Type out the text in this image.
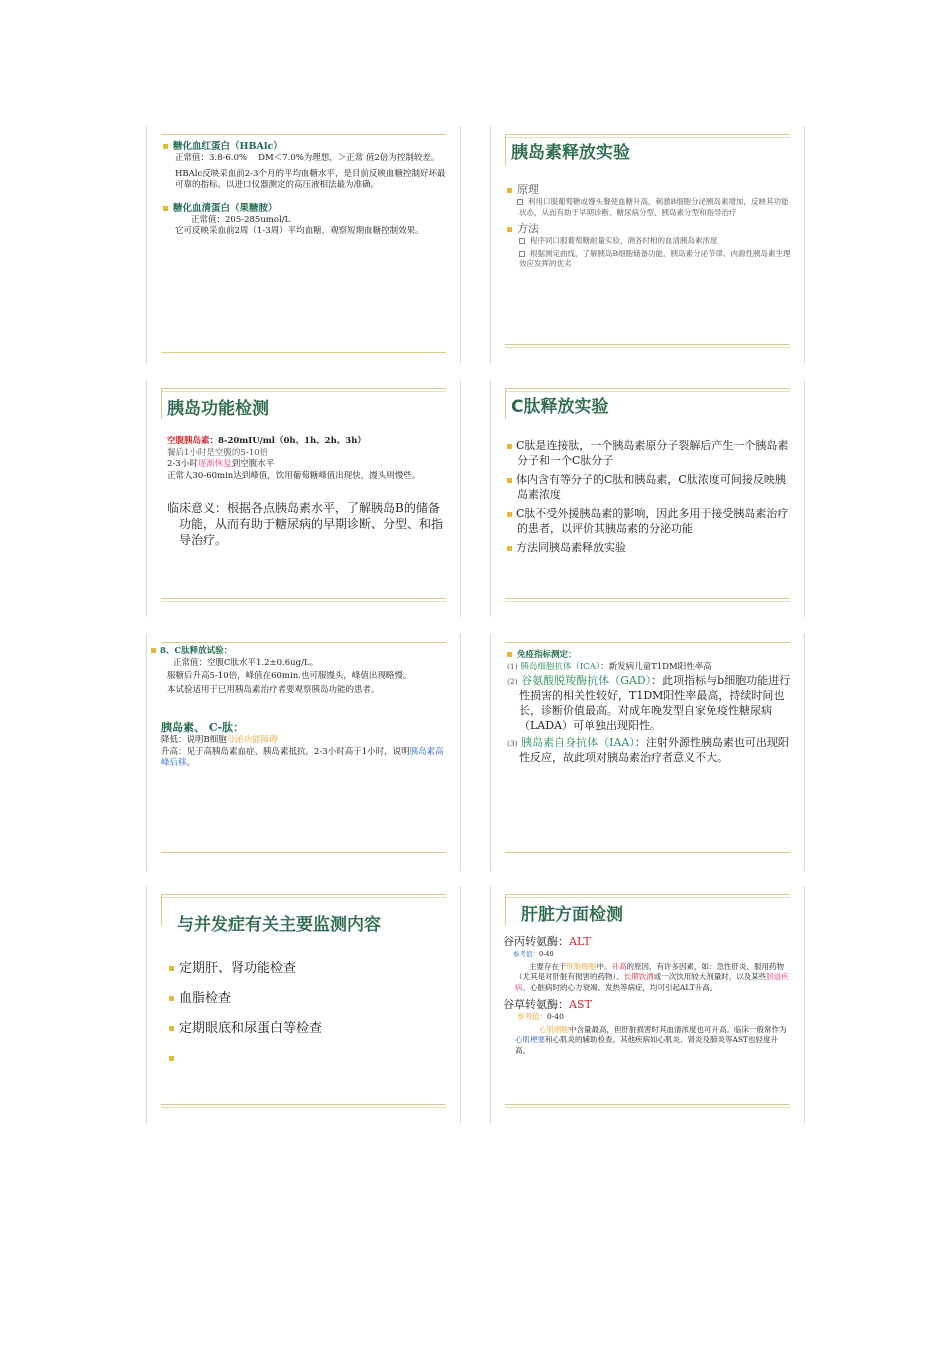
糖化血红蛋白（HBAlc）

正常值：3.8-6.0%　 DM＜7.0%为理想，＞正常 值2倍为控制较差。

HBAlc反映采血前2-3个月的平均血糖水平，是目前反映血糖控制好坏最可靠的指标。以进口仪器测定的高压液相法最为准确。

糖化血清蛋白（果糖胺）

正常值：205-285umol/L

它可反映采血前2周（1-3周）平均血糖，观察短期血糖控制效果。

胰岛素释放实验

原理

利用口服葡萄糖或馒头餐使血糖升高，刺激B细胞分泌胰岛素增加，反映其功能状态，从而有助于早期诊断、糖尿病分型、胰岛素分型和指导治疗

方法

程序同口服葡萄糖耐量实验，测各时相的血清胰岛素浓度

根据测定曲线，了解胰岛B细胞储备功能、胰岛素分泌节律、内源性胰岛素生理效应发挥的优劣

胰岛功能检测

空腹胰岛素：8-20mIU/ml（0h、1h、2h、3h）

餐后1小时是空腹的5-10倍

2-3小时逐渐恢复到空腹水平

正常人30-60min达到峰值，饮用葡萄糖峰值出现快，馒头则慢些。

临床意义：根据各点胰岛素水平，了解胰岛B的储备功能，从而有助于糖尿病的早期诊断、分型、和指导治疗。

C肽释放实验

C肽是连接肽，一个胰岛素原分子裂解后产生一个胰岛素分子和一个C肽分子

体内含有等分子的C肽和胰岛素，C肽浓度可间接反映胰岛素浓度

C肽不受外援胰岛素的影响，因此多用于接受胰岛素治疗的患者，以评价其胰岛素的分泌功能

方法同胰岛素释放实验

8、C肽释放试验：

正常值：空腹C肽水平1.2±0.6ug/L。

服糖后升高5-10倍，峰值在60min.也可服馒头，峰值出现略慢。

本试验适用于已用胰岛素治疗者要观察胰岛功能的患者。

胰岛素、 C-肽：

降低：说明B细胞分泌功能障碍

升高：见于高胰岛素血症、胰岛素抵抗，2-3小时高于1小时，说明胰岛素高峰后移。

免疫指标测定：

(1) 胰岛细胞抗体（ICA）：新发病儿童T1DM阳性率高

(2) 谷氨酸脱羧酶抗体（GAD）：此项指标与b细胞功能进行性损害的相关性较好，T1DM阳性率最高，持续时间也长，诊断价值最高。对成年晚发型自家免疫性糖尿病（LADA）可单独出现阳性。

(3) 胰岛素自身抗体（IAA）：注射外源性胰岛素也可出现阳性反应，故此项对胰岛素治疗者意义不大。

与并发症有关主要监测内容

定期肝、肾功能检查

血脂检查

定期眼底和尿蛋白等检查

肝脏方面检测

谷丙转氨酶：ALT

参考值：0-40

主要存在于肝脏细胞中。升高的原因，有许多因素，如：急性肝炎、服用药物（尤其是对肝脏有损害的药物）、长期饮酒或一次饮用较大剂量时，以及某些胆道疾病、心脏病时的心力衰竭、发热等病症，均可引起ALT升高。

谷草转氨酶：AST

参考值：0-40

心肌细胞中含量最高，但肝脏损害时其血清浓度也可升高。临床一般常作为心肌梗塞和心肌炎的辅助检查。其他疾病如心肌炎、肾炎及肺炎等AST也轻度升高。
